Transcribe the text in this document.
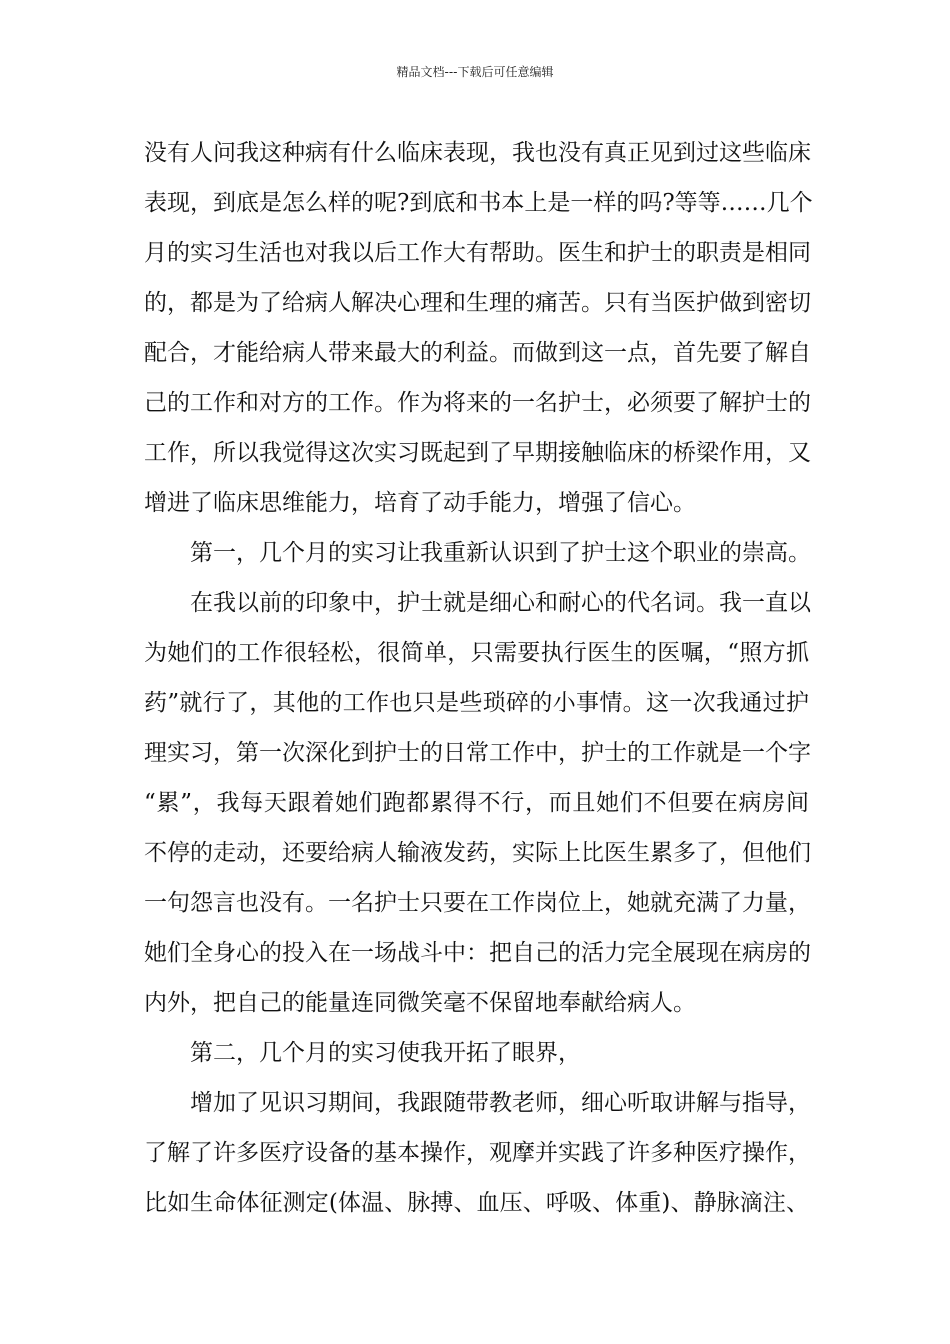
精品文档---下载后可任意编辑
没有人问我这种病有什么临床表现，我也没有真正见到过这些临床
表现，到底是怎么样的呢?到底和书本上是一样的吗?等等……几个
月的实习生活也对我以后工作大有帮助。医生和护士的职责是相同
的，都是为了给病人解决心理和生理的痛苦。只有当医护做到密切
配合，才能给病人带来最大的利益。而做到这一点，首先要了解自
己的工作和对方的工作。作为将来的一名护士，必须要了解护士的
工作，所以我觉得这次实习既起到了早期接触临床的桥梁作用，又
增进了临床思维能力，培育了动手能力，增强了信心。
第一，几个月的实习让我重新认识到了护士这个职业的崇高。
在我以前的印象中，护士就是细心和耐心的代名词。我一直以
为她们的工作很轻松，很简单，只需要执行医生的医嘱，“照方抓
药”就行了，其他的工作也只是些琐碎的小事情。这一次我通过护
理实习，第一次深化到护士的日常工作中，护士的工作就是一个字
“累”，我每天跟着她们跑都累得不行，而且她们不但要在病房间
不停的走动，还要给病人输液发药，实际上比医生累多了，但他们
一句怨言也没有。一名护士只要在工作岗位上，她就充满了力量，
她们全身心的投入在一场战斗中：把自己的活力完全展现在病房的
内外，把自己的能量连同微笑毫不保留地奉献给病人。
第二，几个月的实习使我开拓了眼界，
增加了见识习期间，我跟随带教老师，细心听取讲解与指导，
了解了许多医疗设备的基本操作，观摩并实践了许多种医疗操作，
比如生命体征测定(体温、脉搏、血压、呼吸、体重)、静脉滴注、
